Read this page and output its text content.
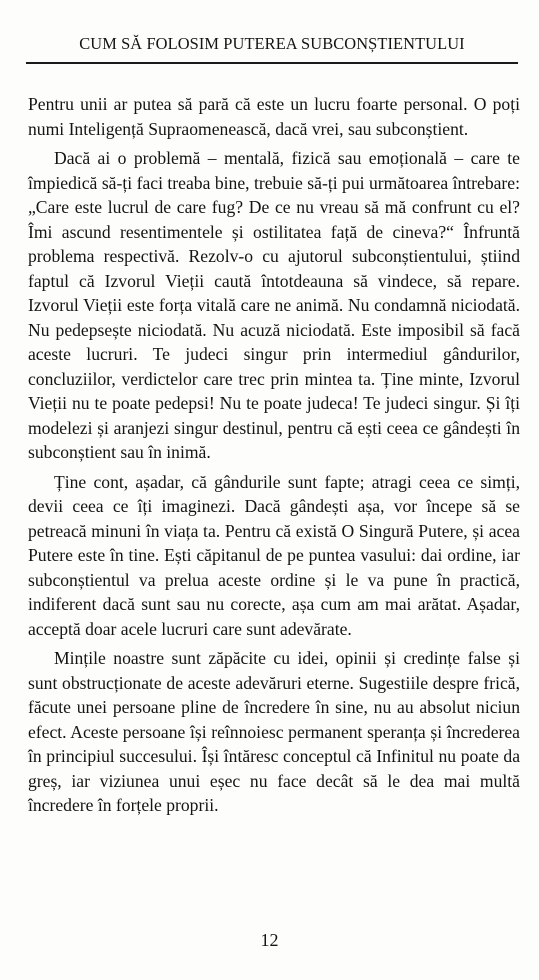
CUM SĂ FOLOSIM PUTEREA SUBCONȘTIENTULUI

Pentru unii ar putea să pară că este un lucru foarte personal. O poți numi Inteligență Supraomenească, dacă vrei, sau subconștient.

Dacă ai o problemă – mentală, fizică sau emoțională – care te împiedică să-ți faci treaba bine, trebuie să-ți pui următoarea întrebare: „Care este lucrul de care fug? De ce nu vreau să mă confrunt cu el? Îmi ascund resentimentele și ostilitatea față de cineva?“ Înfruntă problema respectivă. Rezolv-o cu ajutorul subconștientului, știind faptul că Izvorul Vieții caută întotdeauna să vindece, să repare. Izvorul Vieții este forța vitală care ne animă. Nu condamnă niciodată. Nu pedepsește niciodată. Nu acuză niciodată. Este imposibil să facă aceste lucruri. Te judeci singur prin intermediul gândurilor, concluziilor, verdictelor care trec prin mintea ta. Ține minte, Izvorul Vieții nu te poate pedepsi! Nu te poate judeca! Te judeci singur. Și îți modelezi și aranjezi singur destinul, pentru că ești ceea ce gândești în subconștient sau în inimă.

Ține cont, așadar, că gândurile sunt fapte; atragi ceea ce simți, devii ceea ce îți imaginezi. Dacă gândești așa, vor începe să se petreacă minuni în viața ta. Pentru că există O Singură Putere, și acea Putere este în tine. Ești căpitanul de pe puntea vasului: dai ordine, iar subconștientul va prelua aceste ordine și le va pune în practică, indiferent dacă sunt sau nu corecte, așa cum am mai arătat. Așadar, acceptă doar acele lucruri care sunt adevărate.

Mințile noastre sunt zăpăcite cu idei, opinii și credințe false și sunt obstrucționate de aceste adevăruri eterne. Sugestiile despre frică, făcute unei persoane pline de încredere în sine, nu au absolut niciun efect. Aceste persoane își reînnoiesc permanent speranța și încrederea în principiul succesului. Își întăresc conceptul că Infinitul nu poate da greș, iar viziunea unui eșec nu face decât să le dea mai multă încredere în forțele proprii.

12
